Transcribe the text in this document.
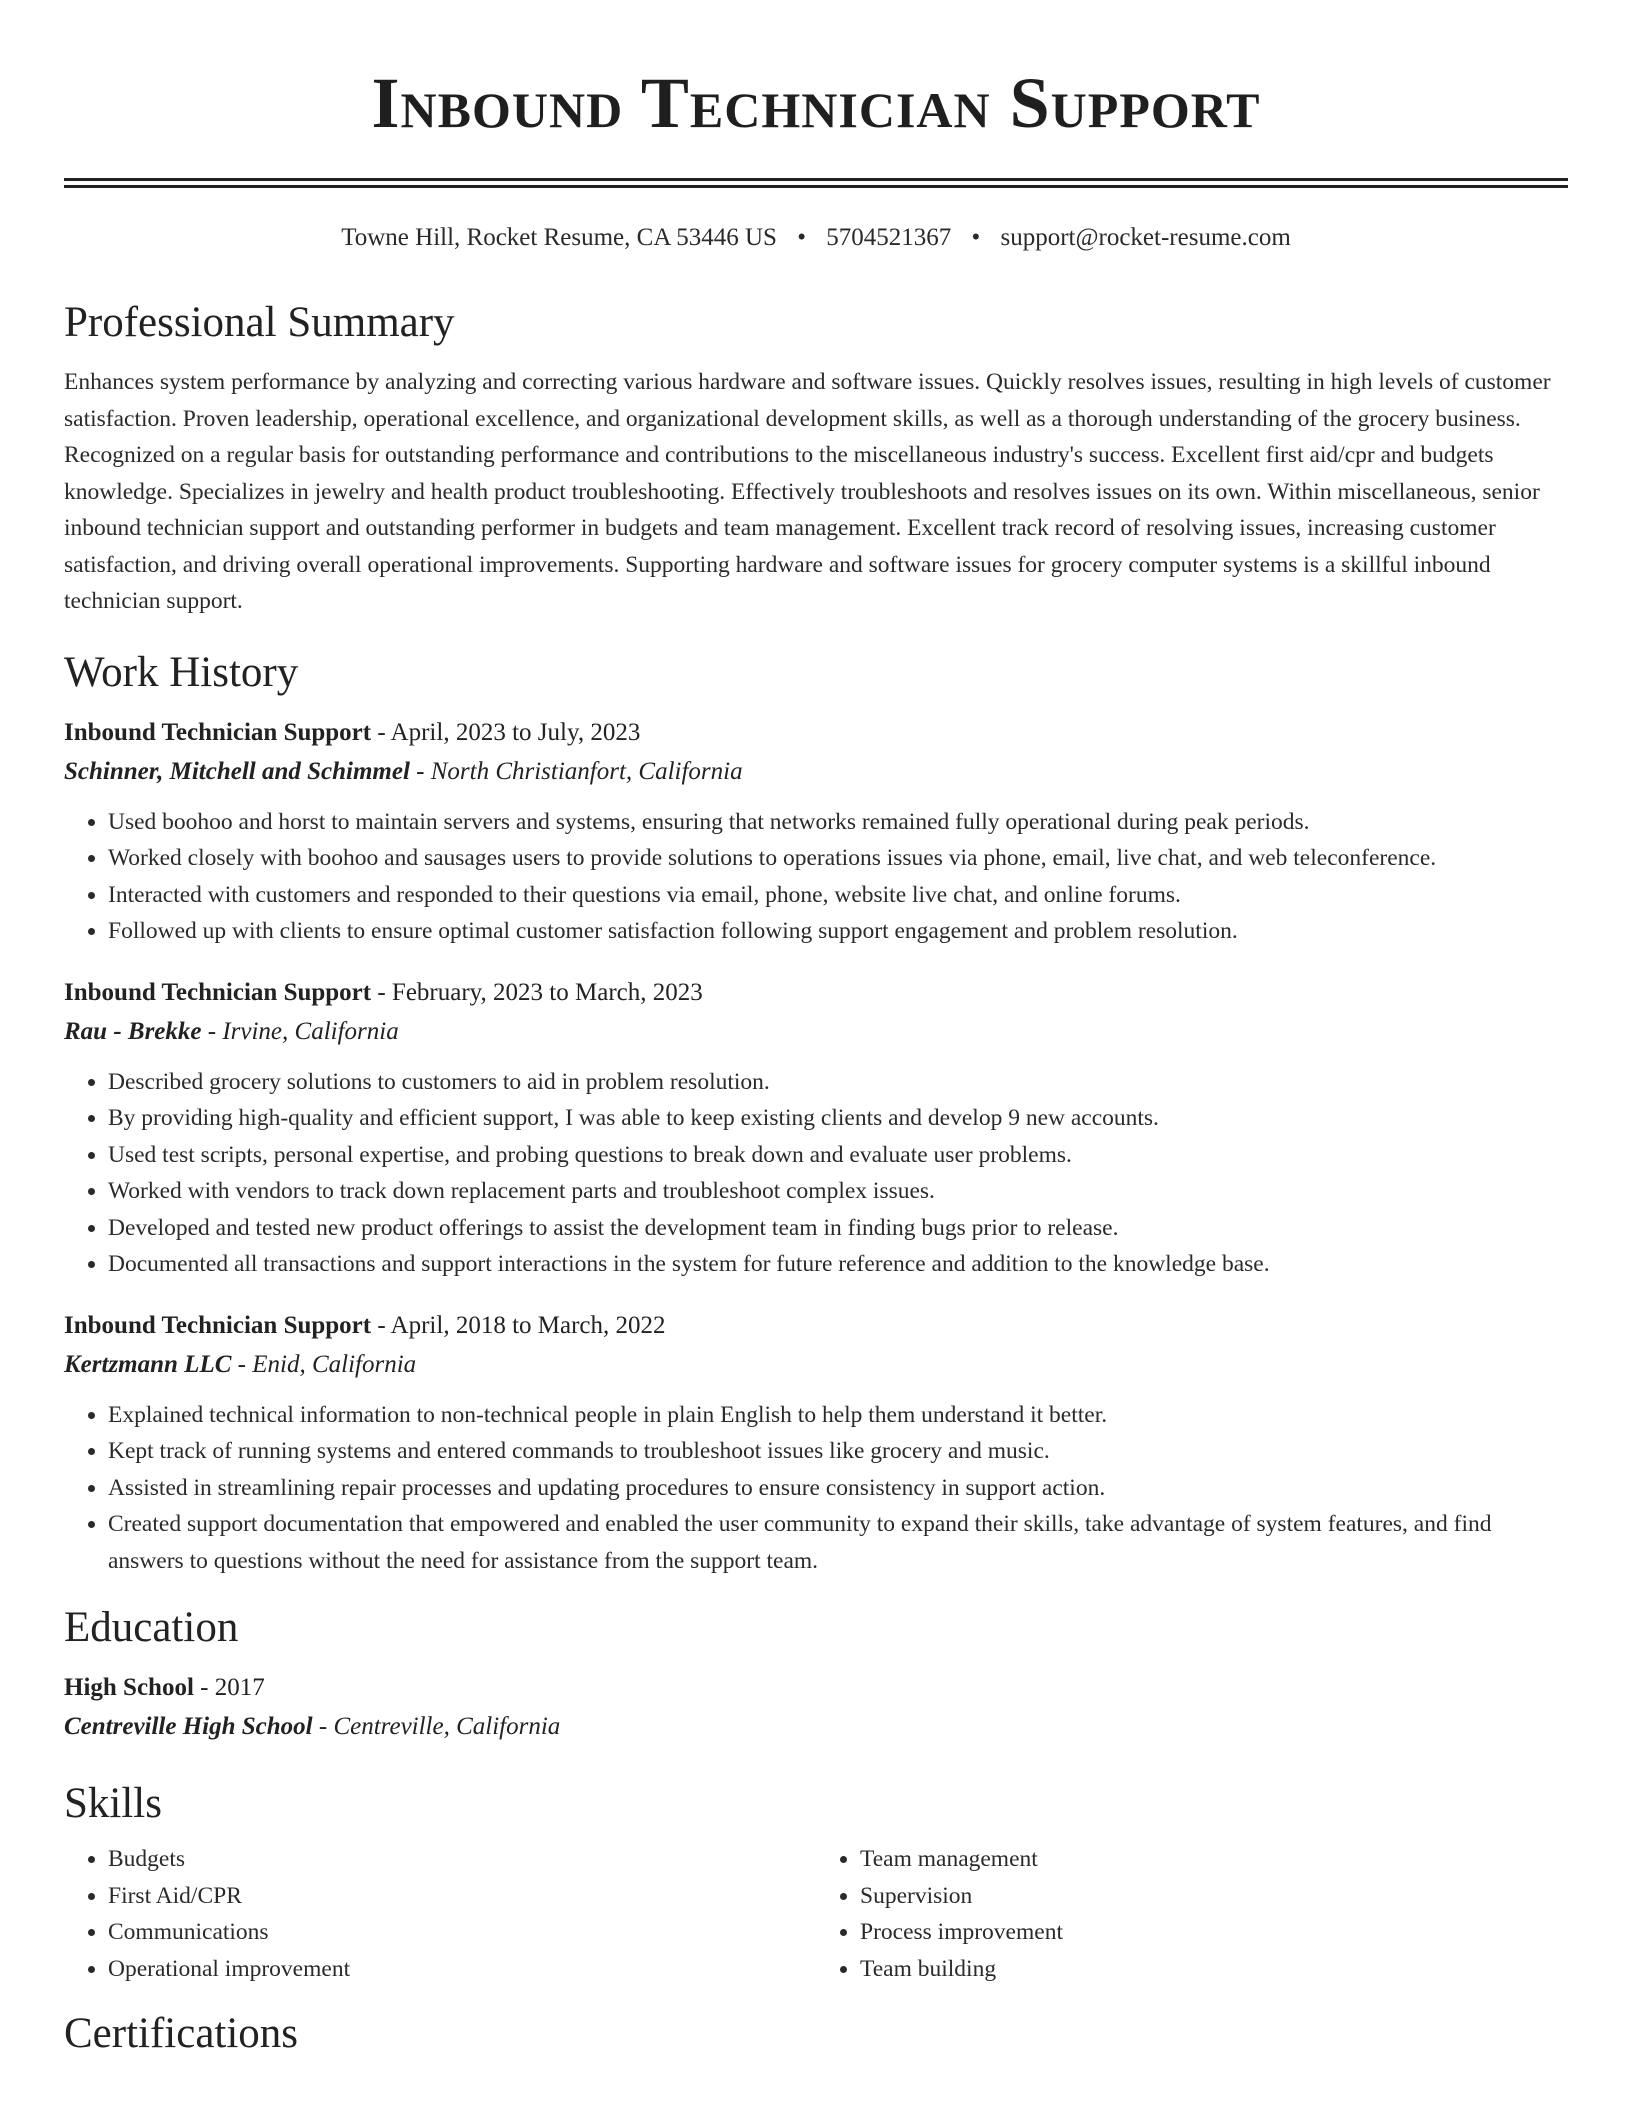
Inbound Technician Support
Towne Hill, Rocket Resume, CA 53446 US • 5704521367 • support@rocket-resume.com
Professional Summary
Enhances system performance by analyzing and correcting various hardware and software issues. Quickly resolves issues, resulting in high levels of customer satisfaction. Proven leadership, operational excellence, and organizational development skills, as well as a thorough understanding of the grocery business. Recognized on a regular basis for outstanding performance and contributions to the miscellaneous industry's success. Excellent first aid/cpr and budgets knowledge. Specializes in jewelry and health product troubleshooting. Effectively troubleshoots and resolves issues on its own. Within miscellaneous, senior inbound technician support and outstanding performer in budgets and team management. Excellent track record of resolving issues, increasing customer satisfaction, and driving overall operational improvements. Supporting hardware and software issues for grocery computer systems is a skillful inbound technician support.
Work History
Inbound Technician Support - April, 2023 to July, 2023
Schinner, Mitchell and Schimmel - North Christianfort, California
• Used boohoo and horst to maintain servers and systems, ensuring that networks remained fully operational during peak periods.
• Worked closely with boohoo and sausages users to provide solutions to operations issues via phone, email, live chat, and web teleconference.
• Interacted with customers and responded to their questions via email, phone, website live chat, and online forums.
• Followed up with clients to ensure optimal customer satisfaction following support engagement and problem resolution.
Inbound Technician Support - February, 2023 to March, 2023
Rau - Brekke - Irvine, California
• Described grocery solutions to customers to aid in problem resolution.
• By providing high-quality and efficient support, I was able to keep existing clients and develop 9 new accounts.
• Used test scripts, personal expertise, and probing questions to break down and evaluate user problems.
• Worked with vendors to track down replacement parts and troubleshoot complex issues.
• Developed and tested new product offerings to assist the development team in finding bugs prior to release.
• Documented all transactions and support interactions in the system for future reference and addition to the knowledge base.
Inbound Technician Support - April, 2018 to March, 2022
Kertzmann LLC - Enid, California
• Explained technical information to non-technical people in plain English to help them understand it better.
• Kept track of running systems and entered commands to troubleshoot issues like grocery and music.
• Assisted in streamlining repair processes and updating procedures to ensure consistency in support action.
• Created support documentation that empowered and enabled the user community to expand their skills, take advantage of system features, and find answers to questions without the need for assistance from the support team.
Education
High School - 2017
Centreville High School - Centreville, California
Skills
• Budgets
• First Aid/CPR
• Communications
• Operational improvement
• Team management
• Supervision
• Process improvement
• Team building
Certifications
